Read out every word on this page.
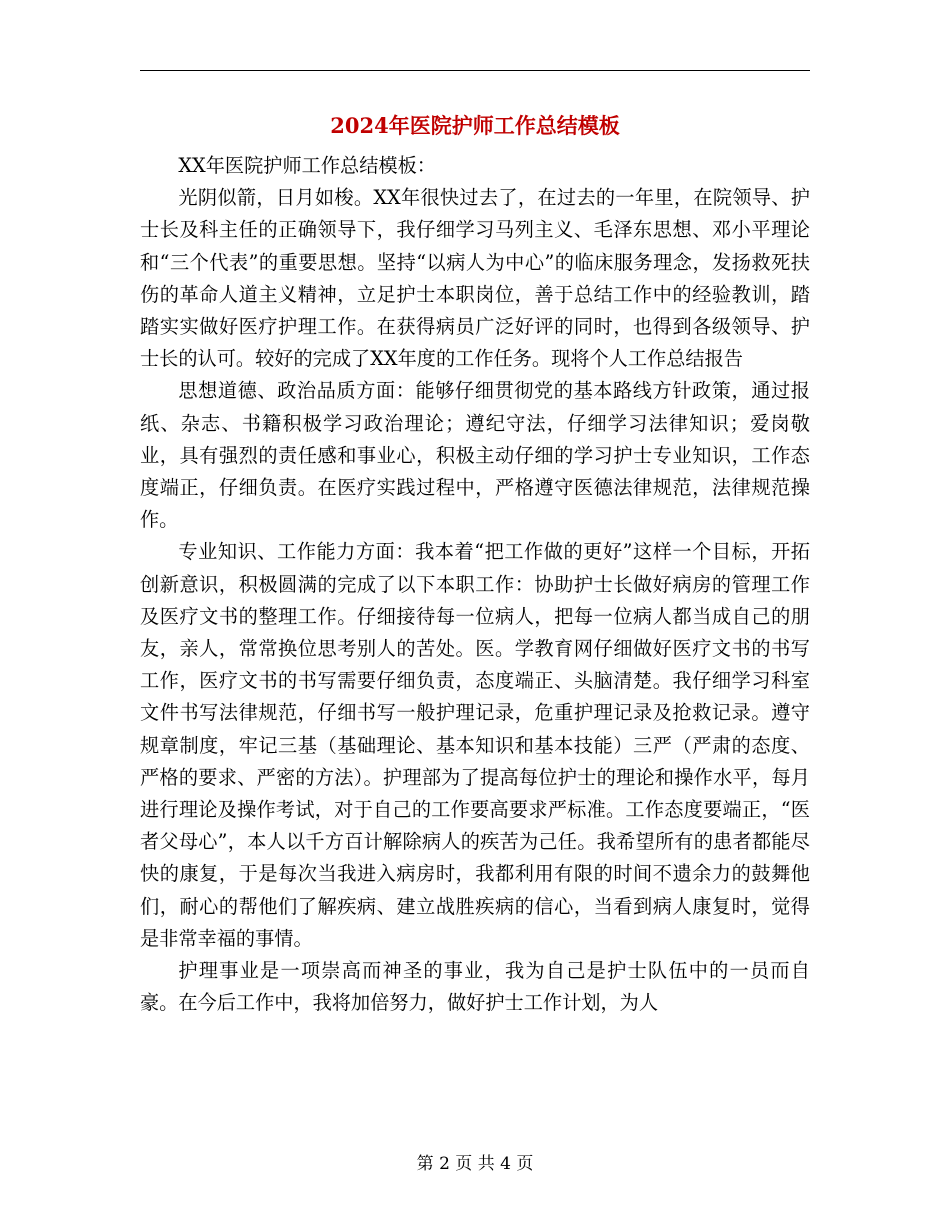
2024年医院护师工作总结模板

XX年医院护师工作总结模板：

光阴似箭，日月如梭。XX年很快过去了，在过去的一年里，在院领导、护士长及科主任的正确领导下，我仔细学习马列主义、毛泽东思想、邓小平理论和“三个代表”的重要思想。坚持“以病人为中心”的临床服务理念，发扬救死扶伤的革命人道主义精神，立足护士本职岗位，善于总结工作中的经验教训，踏踏实实做好医疗护理工作。在获得病员广泛好评的同时，也得到各级领导、护士长的认可。较好的完成了XX年度的工作任务。现将个人工作总结报告

思想道德、政治品质方面：能够仔细贯彻党的基本路线方针政策，通过报纸、杂志、书籍积极学习政治理论；遵纪守法，仔细学习法律知识；爱岗敬业，具有强烈的责任感和事业心，积极主动仔细的学习护士专业知识，工作态度端正，仔细负责。在医疗实践过程中，严格遵守医德法律规范，法律规范操作。

专业知识、工作能力方面：我本着“把工作做的更好”这样一个目标，开拓创新意识，积极圆满的完成了以下本职工作：协助护士长做好病房的管理工作及医疗文书的整理工作。仔细接待每一位病人，把每一位病人都当成自己的朋友，亲人，常常换位思考别人的苦处。医。学教育网仔细做好医疗文书的书写工作，医疗文书的书写需要仔细负责，态度端正、头脑清楚。我仔细学习科室文件书写法律规范，仔细书写一般护理记录，危重护理记录及抢救记录。遵守规章制度，牢记三基（基础理论、基本知识和基本技能）三严（严肃的态度、严格的要求、严密的方法）。护理部为了提高每位护士的理论和操作水平，每月进行理论及操作考试，对于自己的工作要高要求严标准。工作态度要端正，“医者父母心”，本人以千方百计解除病人的疾苦为己任。我希望所有的患者都能尽快的康复，于是每次当我进入病房时，我都利用有限的时间不遗余力的鼓舞他们，耐心的帮他们了解疾病、建立战胜疾病的信心，当看到病人康复时，觉得是非常幸福的事情。

护理事业是一项崇高而神圣的事业，我为自己是护士队伍中的一员而自豪。在今后工作中，我将加倍努力，做好护士工作计划，为人

第 2 页 共 4 页
